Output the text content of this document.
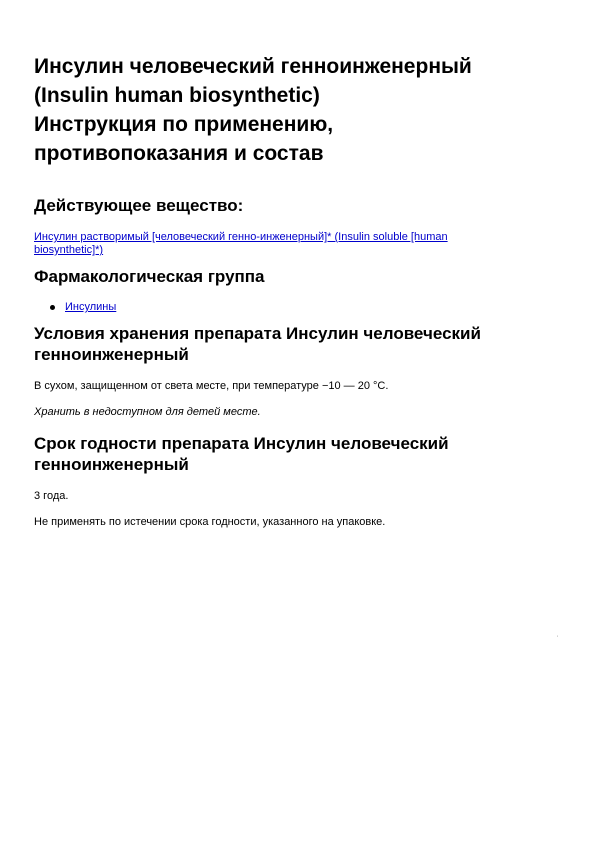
Инсулин человеческий генноинженерный
(Insulin human biosynthetic)
Инструкция по применению,
противопоказания и состав
Действующее вещество:
Инсулин растворимый [человеческий генно-инженерный]* (Insulin soluble [human
biosynthetic]*)
Фармакологическая группа
Инсулины
Условия хранения препарата Инсулин человеческий
генноинженерный

В сухом, защищенном от света месте, при температуре −10 — 20 °C.

Хранить в недоступном для детей месте.

Срок годности препарата Инсулин человеческий
генноинженерный

3 года.

Не применять по истечении срока годности, указанного на упаковке.

'
